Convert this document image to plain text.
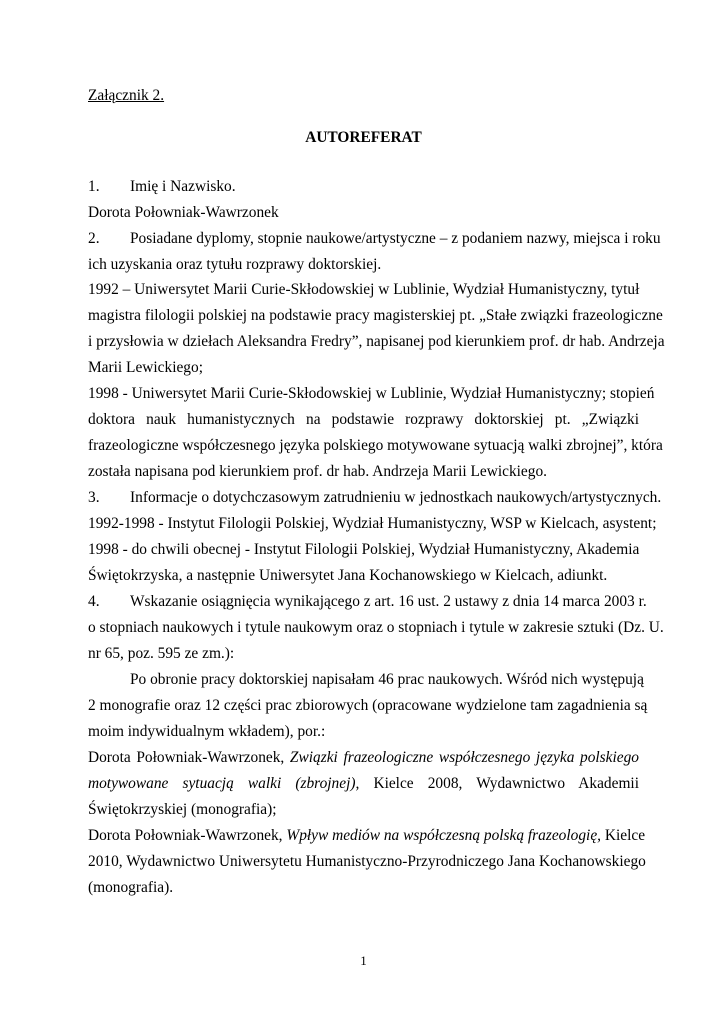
Załącznik 2.
AUTOREFERAT
1. Imię i Nazwisko.
Dorota Połowniak-Wawrzonek
2. Posiadane dyplomy, stopnie naukowe/artystyczne – z podaniem nazwy, miejsca i roku
ich uzyskania oraz tytułu rozprawy doktorskiej.
1992 – Uniwersytet Marii Curie-Skłodowskiej w Lublinie, Wydział Humanistyczny, tytuł
magistra filologii polskiej na podstawie pracy magisterskiej pt. „Stałe związki frazeologiczne
i przysłowia w dziełach Aleksandra Fredry”, napisanej pod kierunkiem prof. dr hab. Andrzeja
Marii Lewickiego;
1998 - Uniwersytet Marii Curie-Skłodowskiej w Lublinie, Wydział Humanistyczny; stopień
doktora nauk humanistycznych na podstawie rozprawy doktorskiej pt. „Związki
frazeologiczne współczesnego języka polskiego motywowane sytuacją walki zbrojnej”, która
została napisana pod kierunkiem prof. dr hab. Andrzeja Marii Lewickiego.
3. Informacje o dotychczasowym zatrudnieniu w jednostkach naukowych/artystycznych.
1992-1998 - Instytut Filologii Polskiej, Wydział Humanistyczny, WSP w Kielcach, asystent;
1998 - do chwili obecnej - Instytut Filologii Polskiej, Wydział Humanistyczny, Akademia
Świętokrzyska, a następnie Uniwersytet Jana Kochanowskiego w Kielcach, adiunkt.
4. Wskazanie osiągnięcia wynikającego z art. 16 ust. 2 ustawy z dnia 14 marca 2003 r.
o stopniach naukowych i tytule naukowym oraz o stopniach i tytule w zakresie sztuki (Dz. U.
nr 65, poz. 595 ze zm.):
Po obronie pracy doktorskiej napisałam 46 prac naukowych. Wśród nich występują
2 monografie oraz 12 części prac zbiorowych (opracowane wydzielone tam zagadnienia są
moim indywidualnym wkładem), por.:
Dorota Połowniak-Wawrzonek, Związki frazeologiczne współczesnego języka polskiego
motywowane sytuacją walki (zbrojnej), Kielce 2008, Wydawnictwo Akademii
Świętokrzyskiej (monografia);
Dorota Połowniak-Wawrzonek, Wpływ mediów na współczesną polską frazeologię, Kielce
2010, Wydawnictwo Uniwersytetu Humanistyczno-Przyrodniczego Jana Kochanowskiego
(monografia).
1
